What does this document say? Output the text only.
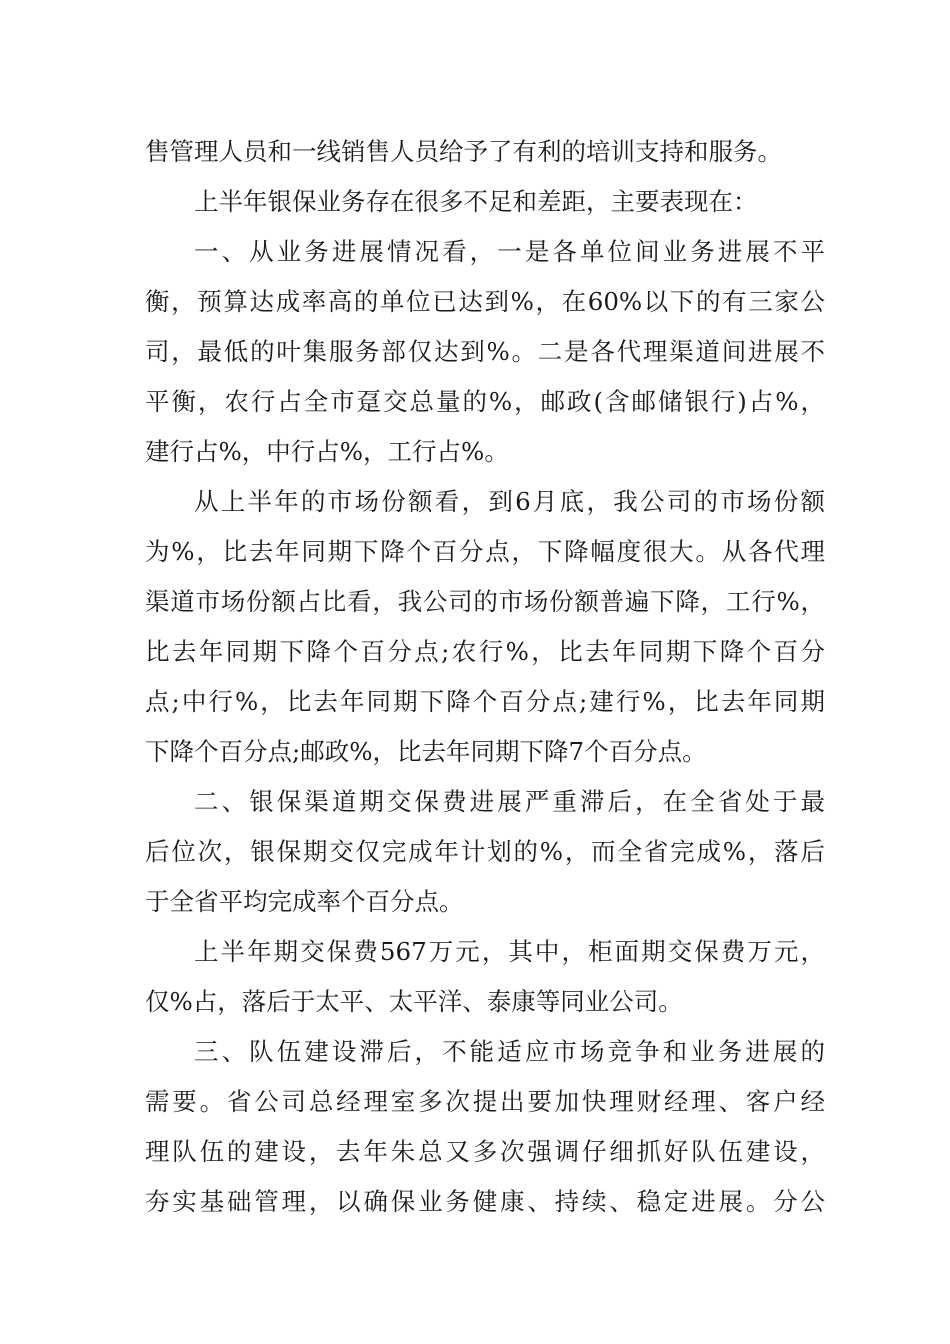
售管理人员和一线销售人员给予了有利的培训支持和服务。
上半年银保业务存在很多不足和差距，主要表现在：
一、从业务进展情况看，一是各单位间业务进展不平
衡，预算达成率高的单位已达到%，在60%以下的有三家公
司，最低的叶集服务部仅达到%。二是各代理渠道间进展不
平衡，农行占全市趸交总量的%，邮政(含邮储银行)占%，
建行占%，中行占%，工行占%。
从上半年的市场份额看，到6月底，我公司的市场份额
为%，比去年同期下降个百分点，下降幅度很大。从各代理
渠道市场份额占比看，我公司的市场份额普遍下降，工行%，
比去年同期下降个百分点;农行%，比去年同期下降个百分
点;中行%，比去年同期下降个百分点;建行%，比去年同期
下降个百分点;邮政%，比去年同期下降7个百分点。
二、银保渠道期交保费进展严重滞后，在全省处于最
后位次，银保期交仅完成年计划的%，而全省完成%，落后
于全省平均完成率个百分点。
上半年期交保费567万元，其中，柜面期交保费万元，
仅%占，落后于太平、太平洋、泰康等同业公司。
三、队伍建设滞后，不能适应市场竞争和业务进展的
需要。省公司总经理室多次提出要加快理财经理、客户经
理队伍的建设，去年朱总又多次强调仔细抓好队伍建设，
夯实基础管理，以确保业务健康、持续、稳定进展。分公
